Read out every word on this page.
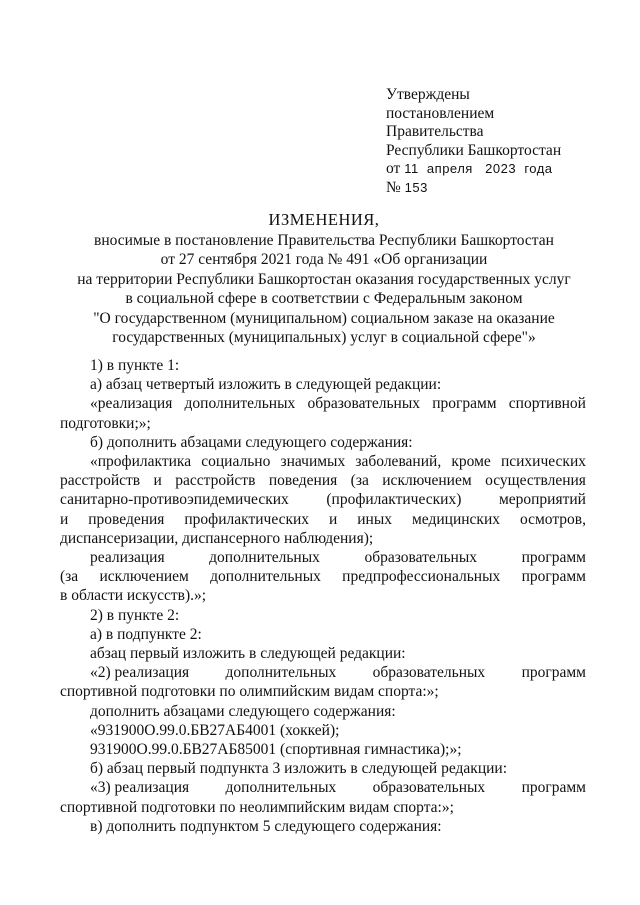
Утверждены
постановлением
Правительства
Республики Башкортостан
от 11  апреля   2023  года
№ 153
ИЗМЕНЕНИЯ,
вносимые в постановление Правительства Республики Башкортостан
от 27 сентября 2021 года № 491 «Об организации
на территории Республики Башкортостан оказания государственных услуг
в социальной сфере в соответствии с Федеральным законом
"О государственном (муниципальном) социальном заказе на оказание
государственных (муниципальных) услуг в социальной сфере"»
1) в пункте 1:
а) абзац четвертый изложить в следующей редакции:
«реализация дополнительных образовательных программ спортивной
подготовки;»;
б) дополнить абзацами следующего содержания:
«профилактика социально значимых заболеваний, кроме психических
расстройств и расстройств поведения (за исключением осуществления
санитарно-противоэпидемических (профилактических) мероприятий
и проведения профилактических и иных медицинских осмотров,
диспансеризации, диспансерного наблюдения);
реализация	дополнительных	образовательных	программ
(за исключением дополнительных предпрофессиональных программ
в области искусств).»;
2) в пункте 2:
а) в подпункте 2:
абзац первый изложить в следующей редакции:
«2) реализация дополнительных образовательных программ
спортивной подготовки по олимпийским видам спорта:»;
дополнить абзацами следующего содержания:
«931900О.99.0.БВ27АБ4001 (хоккей);
931900О.99.0.БВ27АБ85001 (спортивная гимнастика);»;
б) абзац первый подпункта 3 изложить в следующей редакции:
«3) реализация дополнительных образовательных программ
спортивной подготовки по неолимпийским видам спорта:»;
в) дополнить подпунктом 5 следующего содержания:
